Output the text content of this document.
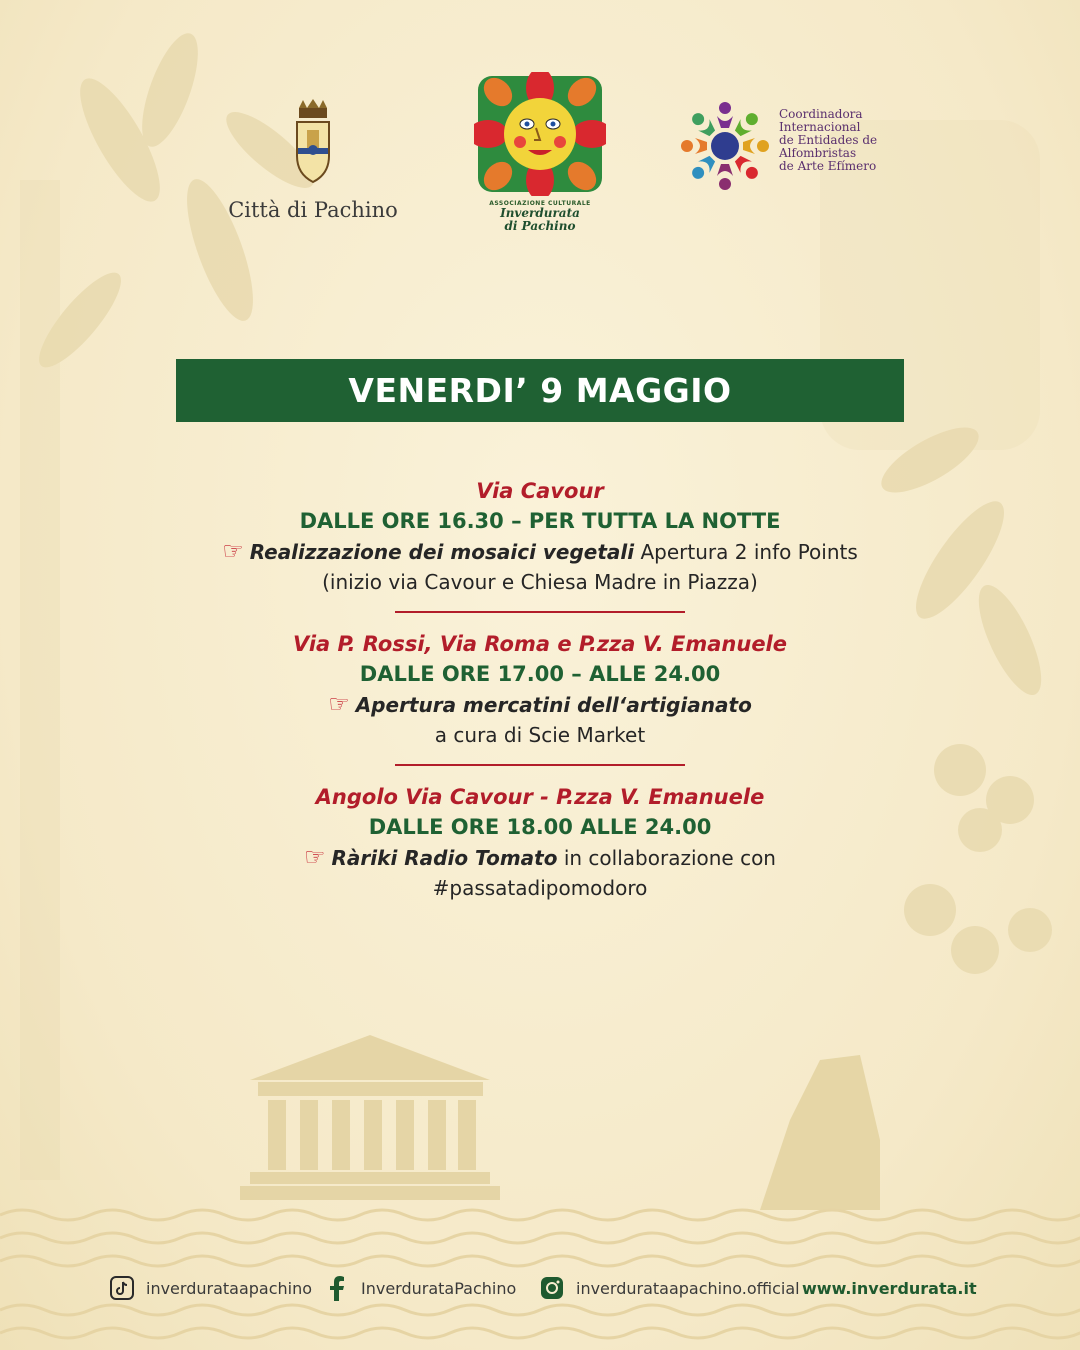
Città di Pachino	ASSOCIAZIONE CULTURALE
Inverdurata
di Pachino
Coordinadora
Internacional
de Entidades de
Alfombristas
de Arte Efímero
VENERDI’ 9 MAGGIO
Via Cavour
DALLE ORE 16.30 – PER TUTTA LA NOTTE
☞ Realizzazione dei mosaici vegetali Apertura 2 info Points
(inizio via Cavour e Chiesa Madre in Piazza)
Via P. Rossi, Via Roma e P.zza V. Emanuele
DALLE ORE 17.00 – ALLE 24.00
☞ Apertura mercatini dell‘artigianato
a cura di Scie Market
Angolo Via Cavour - P.zza V. Emanuele
DALLE ORE 18.00 ALLE 24.00
☞ Ràriki Radio Tomato in collaborazione con
#passatadipomodoro
inverdurataapachino	InverdurataPachino	inverdurataapachino.official www.inverdurata.it
